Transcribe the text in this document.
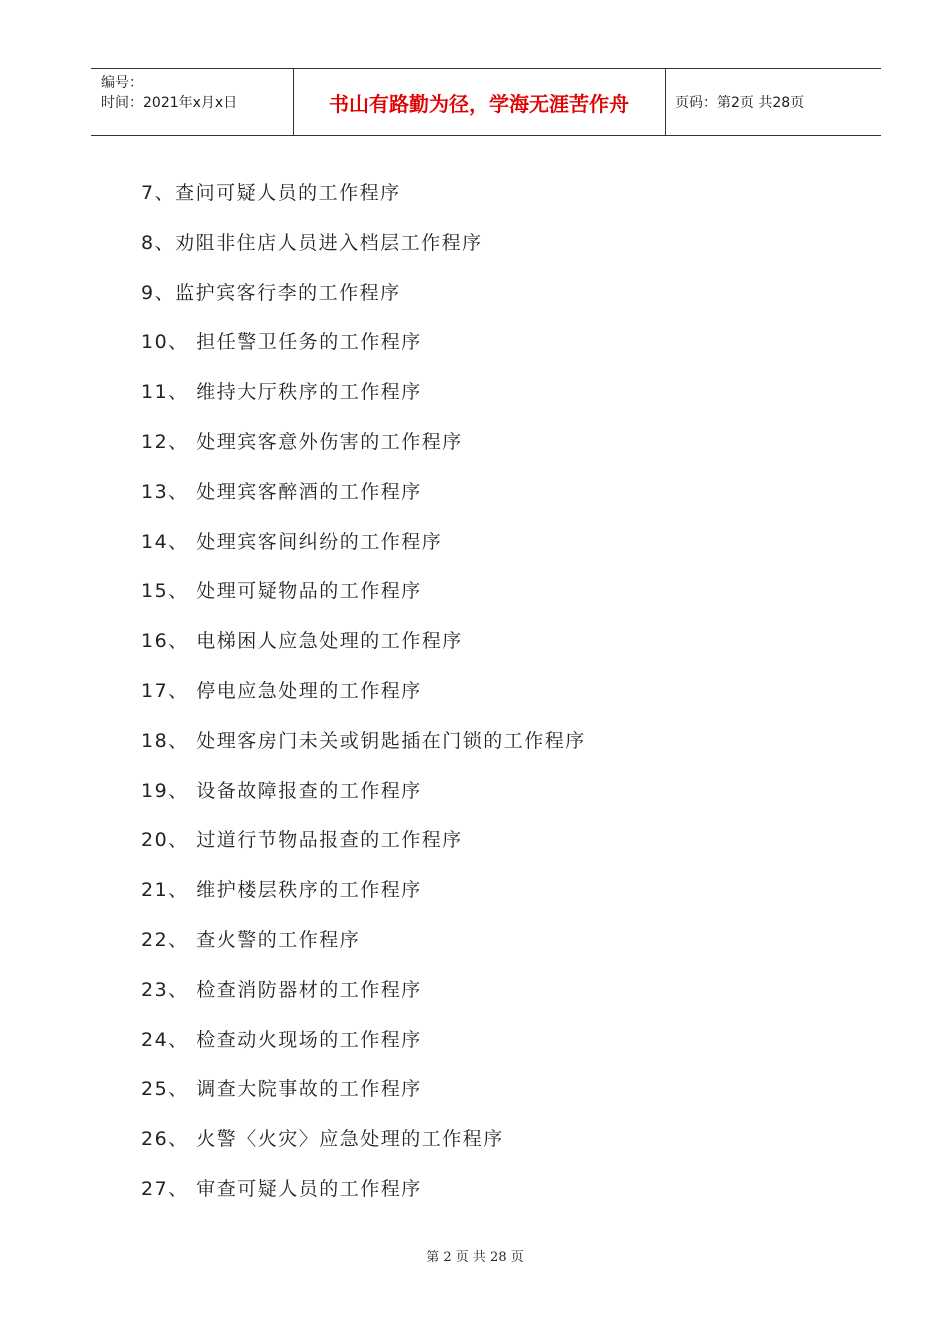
编号：
时间：2021年x月x日	书山有路勤为径，学海无涯苦作舟	页码：第2页 共28页
7、查问可疑人员的工作程序
8、劝阻非住店人员进入档层工作程序
9、监护宾客行李的工作程序
10、 担任警卫任务的工作程序
11、 维持大厅秩序的工作程序
12、 处理宾客意外伤害的工作程序
13、 处理宾客醉酒的工作程序
14、 处理宾客间纠纷的工作程序
15、 处理可疑物品的工作程序
16、 电梯困人应急处理的工作程序
17、 停电应急处理的工作程序
18、 处理客房门未关或钥匙插在门锁的工作程序
19、 设备故障报查的工作程序
20、 过道行节物品报查的工作程序
21、 维护楼层秩序的工作程序
22、 查火警的工作程序
23、 检查消防器材的工作程序
24、 检查动火现场的工作程序
25、 调查大院事故的工作程序
26、 火警〈火灾〉应急处理的工作程序
27、 审查可疑人员的工作程序
第 2 页 共 28 页
